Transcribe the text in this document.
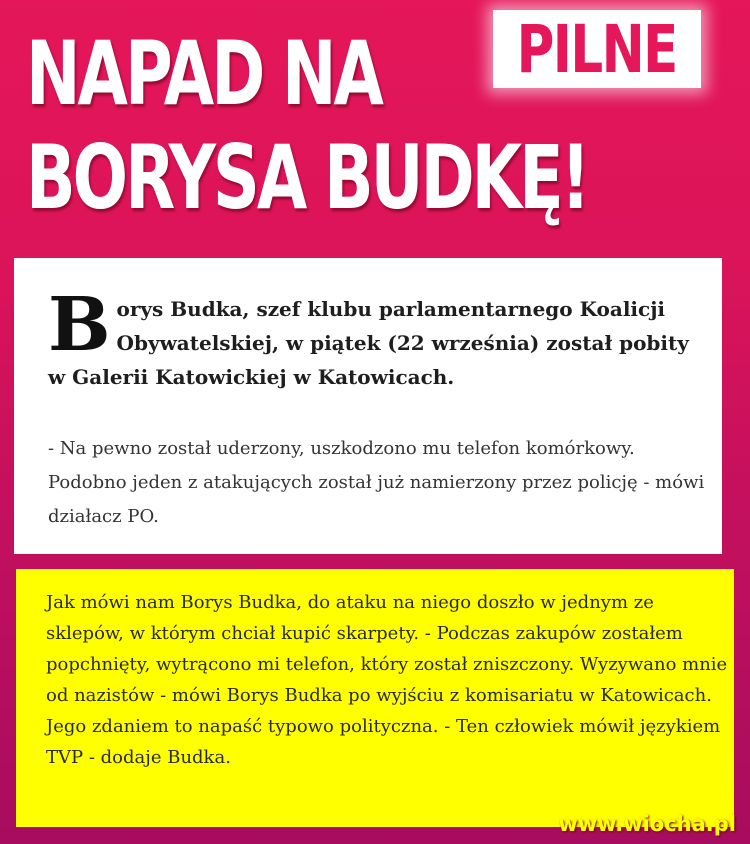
NAPAD NA
BORYSA BUDKĘ!
PILNE
Borys Budka, szef klubu parlamentarnego Koalicji Obywatelskiej, w piątek (22 września) został pobity w Galerii Katowickiej w Katowicach.
- Na pewno został uderzony, uszkodzono mu telefon komórkowy. Podobno jeden z atakujących został już namierzony przez policję - mówi działacz PO.
Jak mówi nam Borys Budka, do ataku na niego doszło w jednym ze sklepów, w którym chciał kupić skarpety. - Podczas zakupów zostałem popchnięty, wytrącono mi telefon, który został zniszczony. Wyzywano mnie od nazistów - mówi Borys Budka po wyjściu z komisariatu w Katowicach. Jego zdaniem to napaść typowo polityczna. - Ten człowiek mówił językiem TVP - dodaje Budka.
www.wiocha.pl
